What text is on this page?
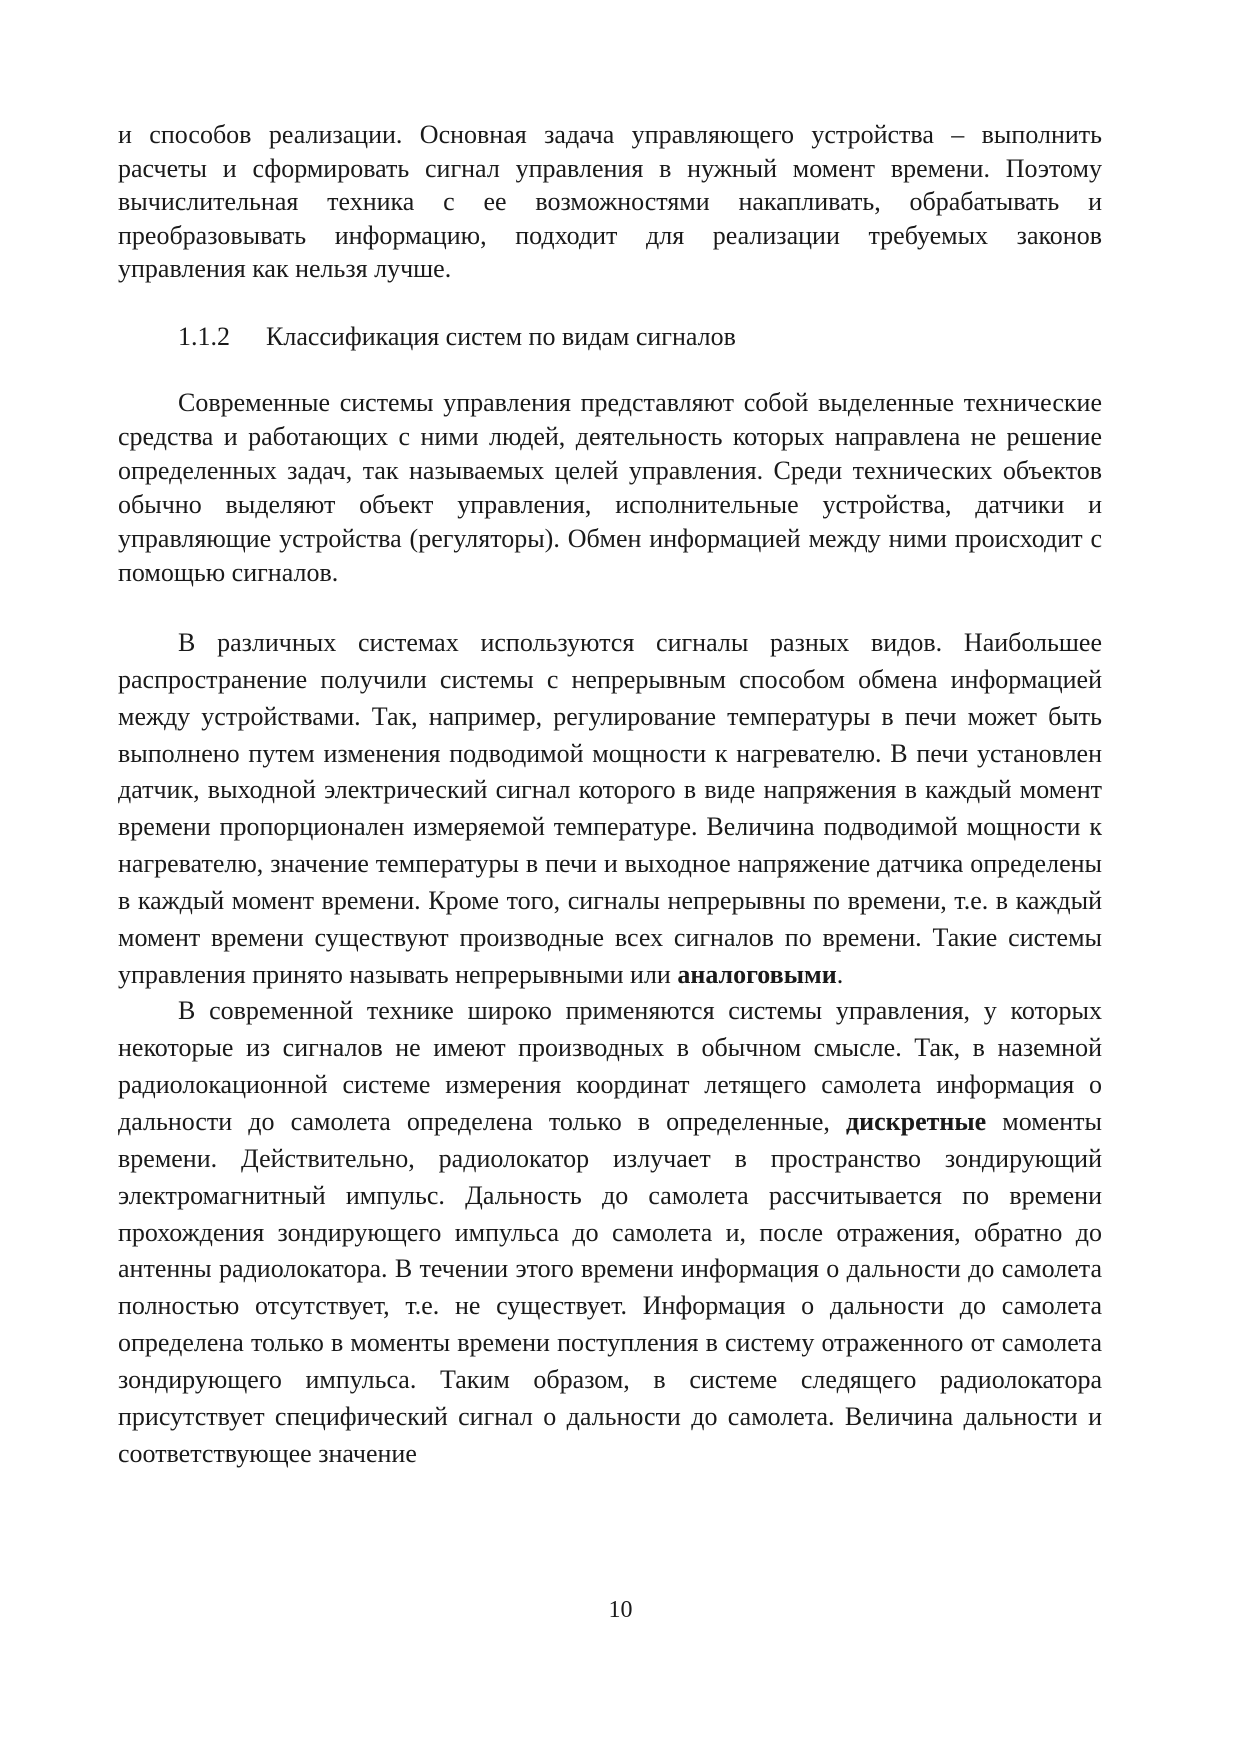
и способов реализации. Основная задача управляющего устройства – выполнить расчеты и сформировать сигнал управления в нужный момент времени. Поэтому вычислительная техника с ее возможностями накапливать, обрабатывать и преобразовывать информацию, подходит для реализации требуемых законов управления как нельзя лучше.

1.1.2 Классификация систем по видам сигналов

Современные системы управления представляют собой выделенные технические средства и работающих с ними людей, деятельность которых направлена не решение определенных задач, так называемых целей управления. Среди технических объектов обычно выделяют объект управления, исполнительные устройства, датчики и управляющие устройства (регуляторы). Обмен информацией между ними происходит с помощью сигналов.

В различных системах используются сигналы разных видов. Наибольшее распространение получили системы с непрерывным способом обмена информацией между устройствами. Так, например, регулирование температуры в печи может быть выполнено путем изменения подводимой мощности к нагревателю. В печи установлен датчик, выходной электрический сигнал которого в виде напряжения в каждый момент времени пропорционален измеряемой температуре. Величина подводимой мощности к нагревателю, значение температуры в печи и выходное напряжение датчика определены в каждый момент времени. Кроме того, сигналы непрерывны по времени, т.е. в каждый момент времени существуют производные всех сигналов по времени. Такие системы управления принято называть непрерывными или аналоговыми.

В современной технике широко применяются системы управления, у которых некоторые из сигналов не имеют производных в обычном смысле. Так, в наземной радиолокационной системе измерения координат летящего самолета информация о дальности до самолета определена только в определенные, дискретные моменты времени. Действительно, радиолокатор излучает в пространство зондирующий электромагнитный импульс. Дальность до самолета рассчитывается по времени прохождения зондирующего импульса до самолета и, после отражения, обратно до антенны радиолокатора. В течении этого времени информация о дальности до самолета полностью отсутствует, т.е. не существует. Информация о дальности до самолета определена только в моменты времени поступления в систему отраженного от самолета зондирующего импульса. Таким образом, в системе следящего радиолокатора присутствует специфический сигнал о дальности до самолета. Величина дальности и соответствующее значение

10
